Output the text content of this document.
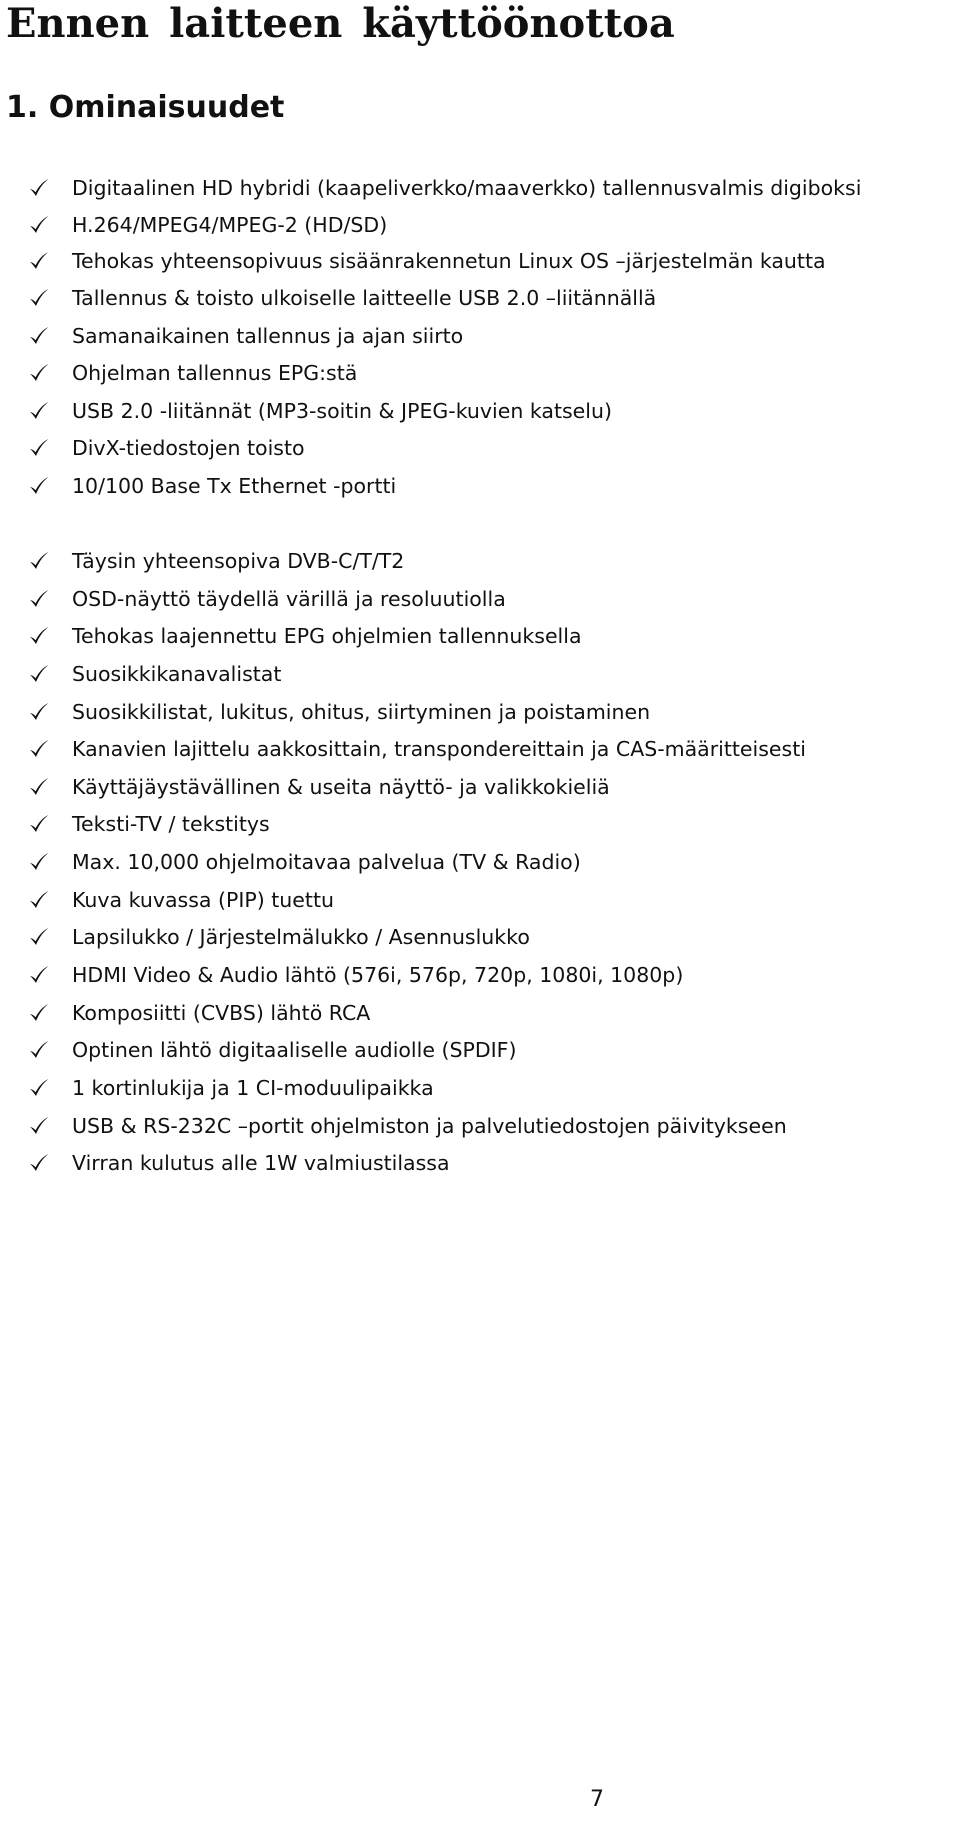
Ennen laitteen käyttöönottoa
1. Ominaisuudet
Digitaalinen HD hybridi (kaapeliverkko/maaverkko) tallennusvalmis digiboksi
H.264/MPEG4/MPEG-2 (HD/SD)
Tehokas yhteensopivuus sisäänrakennetun Linux OS –järjestelmän kautta
Tallennus & toisto ulkoiselle laitteelle USB 2.0 –liitännällä
Samanaikainen tallennus ja ajan siirto
Ohjelman tallennus EPG:stä
USB 2.0 -liitännät (MP3-soitin & JPEG-kuvien katselu)
DivX-tiedostojen toisto
10/100 Base Tx Ethernet -portti
Täysin yhteensopiva DVB-C/T/T2
OSD-näyttö täydellä värillä ja resoluutiolla
Tehokas laajennettu EPG ohjelmien tallennuksella
Suosikkikanavalistat
Suosikkilistat, lukitus, ohitus, siirtyminen ja poistaminen
Kanavien lajittelu aakkosittain, transpondereittain ja CAS-määritteisesti
Käyttäjäystävällinen & useita näyttö- ja valikkokieliä
Teksti-TV / tekstitys
Max. 10,000 ohjelmoitavaa palvelua (TV & Radio)
Kuva kuvassa (PIP) tuettu
Lapsilukko / Järjestelmälukko / Asennuslukko
HDMI Video & Audio lähtö (576i, 576p, 720p, 1080i, 1080p)
Komposiitti (CVBS) lähtö RCA
Optinen lähtö digitaaliselle audiolle (SPDIF)
1 kortinlukija ja 1 CI-moduulipaikka
USB & RS-232C –portit ohjelmiston ja palvelutiedostojen päivitykseen
Virran kulutus alle 1W valmiustilassa
7
